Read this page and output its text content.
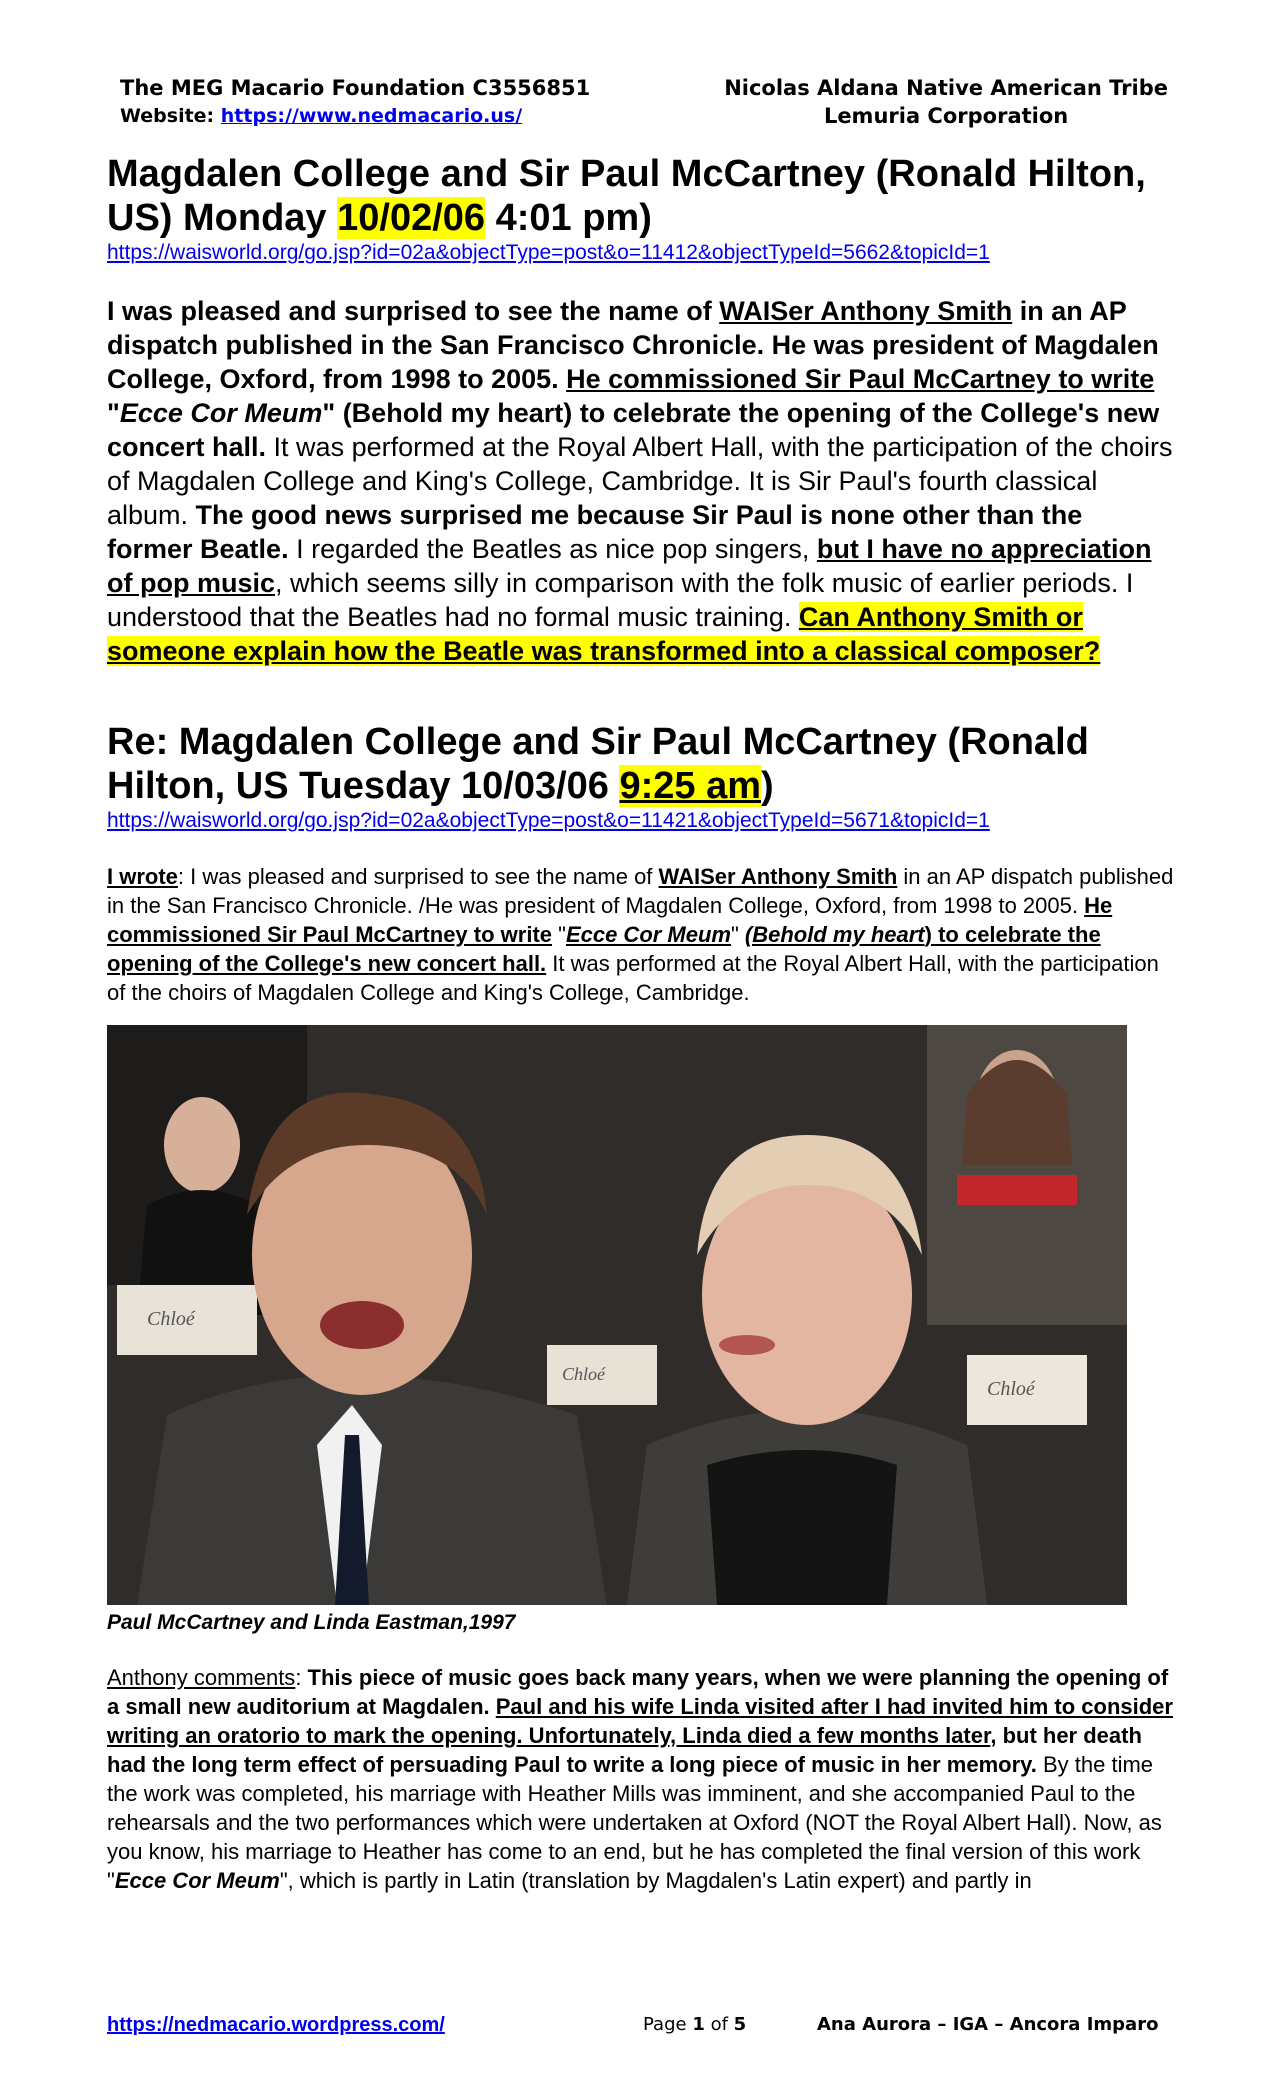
The MEG Macario Foundation C3556851
Website: https://www.nedmacario.us/
Nicolas Aldana Native American Tribe
Lemuria Corporation
Magdalen College and Sir Paul McCartney (Ronald Hilton, US) Monday 10/02/06 4:01 pm)
https://waisworld.org/go.jsp?id=02a&objectType=post&o=11412&objectTypeId=5662&topicId=1

I was pleased and surprised to see the name of WAISer Anthony Smith in an AP dispatch published in the San Francisco Chronicle. He was president of Magdalen College, Oxford, from 1998 to 2005. He commissioned Sir Paul McCartney to write "Ecce Cor Meum" (Behold my heart) to celebrate the opening of the College's new concert hall. It was performed at the Royal Albert Hall, with the participation of the choirs of Magdalen College and King's College, Cambridge. It is Sir Paul's fourth classical album. The good news surprised me because Sir Paul is none other than the former Beatle. I regarded the Beatles as nice pop singers, but I have no appreciation of pop music, which seems silly in comparison with the folk music of earlier periods. I understood that the Beatles had no formal music training. Can Anthony Smith or someone explain how the Beatle was transformed into a classical composer?

Re: Magdalen College and Sir Paul McCartney (Ronald Hilton, US Tuesday 10/03/06 9:25 am)
https://waisworld.org/go.jsp?id=02a&objectType=post&o=11421&objectTypeId=5671&topicId=1

I wrote: I was pleased and surprised to see the name of WAISer Anthony Smith in an AP dispatch published in the San Francisco Chronicle. /He was president of Magdalen College, Oxford, from 1998 to 2005. He commissioned Sir Paul McCartney to write "Ecce Cor Meum" (Behold my heart) to celebrate the opening of the College's new concert hall. It was performed at the Royal Albert Hall, with the participation of the choirs of Magdalen College and King's College, Cambridge.

Chloé
Chloé
Chloé
Paul McCartney and Linda Eastman,1997

Anthony comments: This piece of music goes back many years, when we were planning the opening of a small new auditorium at Magdalen. Paul and his wife Linda visited after I had invited him to consider writing an oratorio to mark the opening. Unfortunately, Linda died a few months later, but her death had the long term effect of persuading Paul to write a long piece of music in her memory. By the time the work was completed, his marriage with Heather Mills was imminent, and she accompanied Paul to the rehearsals and the two performances which were undertaken at Oxford (NOT the Royal Albert Hall). Now, as you know, his marriage to Heather has come to an end, but he has completed the final version of this work "Ecce Cor Meum", which is partly in Latin (translation by Magdalen's Latin expert) and partly in

https://nedmacario.wordpress.com/	Page 1 of 5	Ana Aurora – IGA – Ancora Imparo
